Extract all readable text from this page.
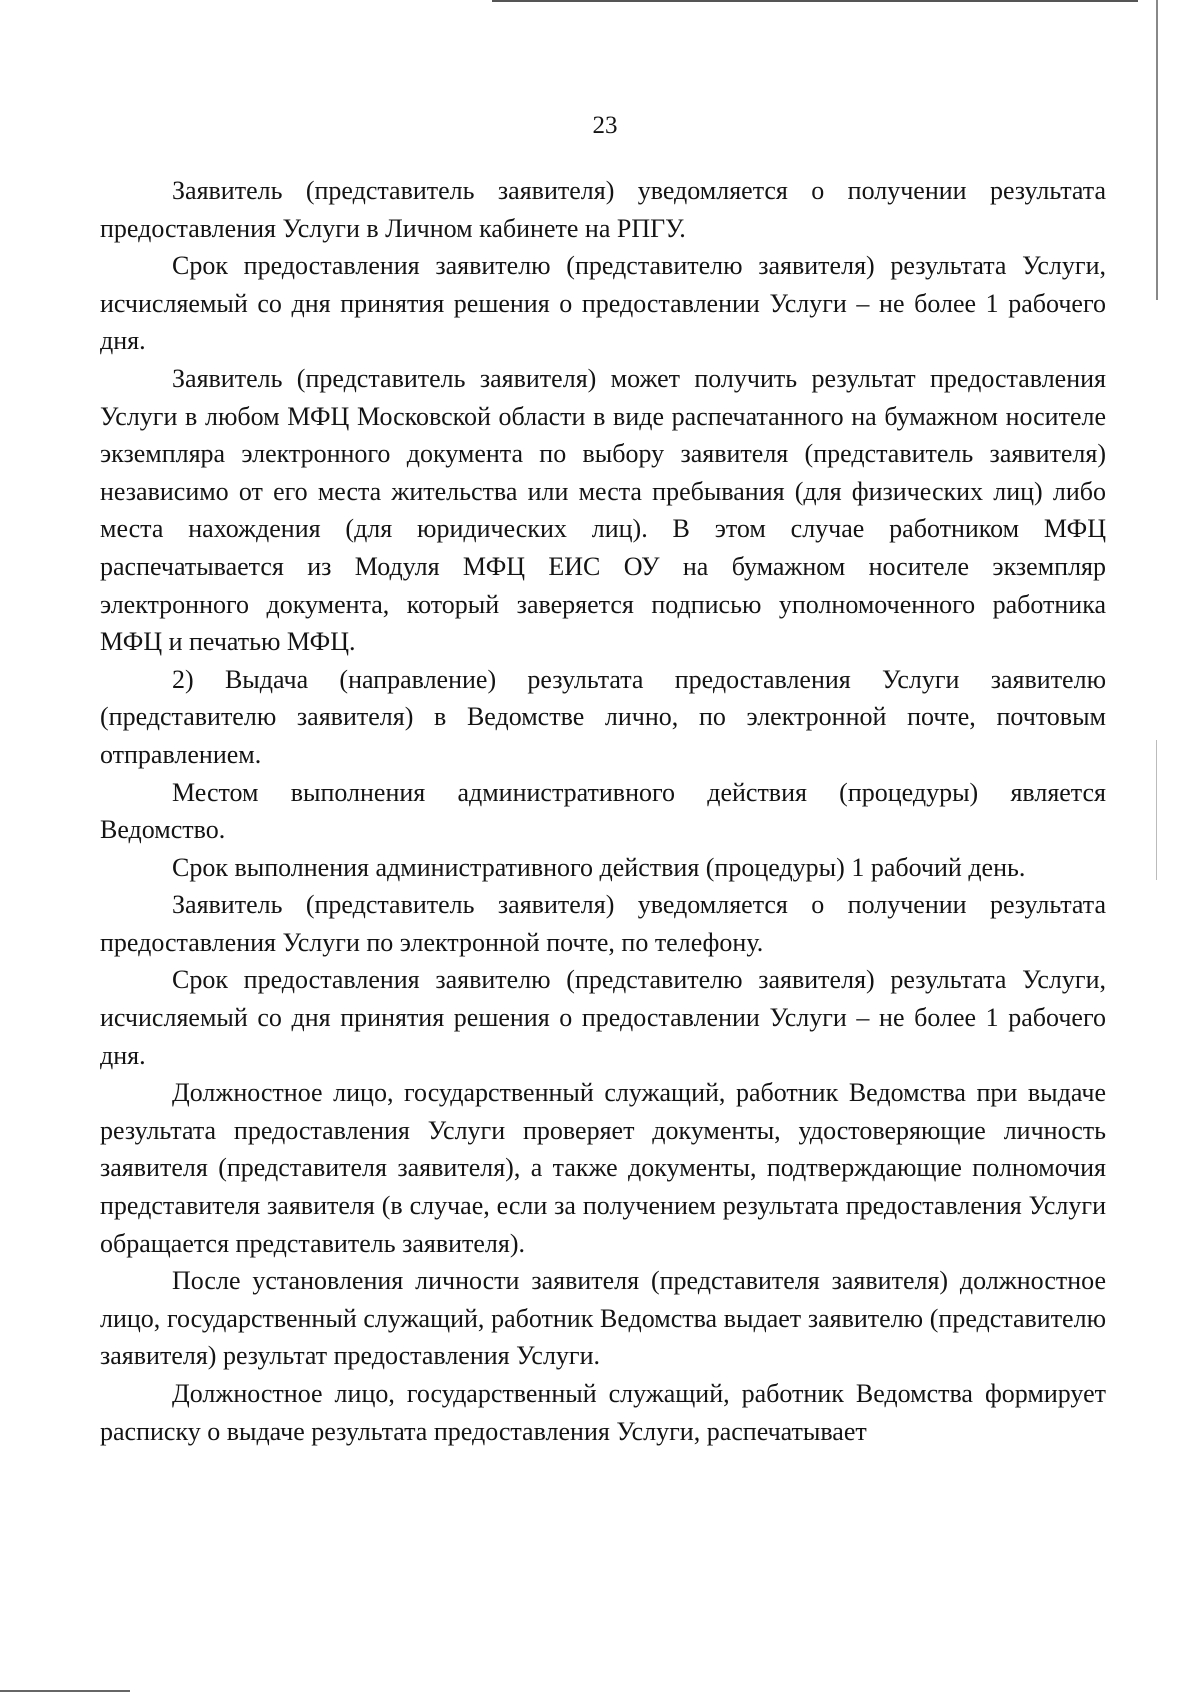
23

Заявитель (представитель заявителя) уведомляется о получении результата предоставления Услуги в Личном кабинете на РПГУ.

Срок предоставления заявителю (представителю заявителя) результата Услуги, исчисляемый со дня принятия решения о предоставлении Услуги – не более 1 рабочего дня.

Заявитель (представитель заявителя) может получить результат предоставления Услуги в любом МФЦ Московской области в виде распечатанного на бумажном носителе экземпляра электронного документа по выбору заявителя (представитель заявителя) независимо от его места жительства или места пребывания (для физических лиц) либо места нахождения (для юридических лиц). В этом случае работником МФЦ распечатывается из Модуля МФЦ ЕИС ОУ на бумажном носителе экземпляр электронного документа, который заверяется подписью уполномоченного работника МФЦ и печатью МФЦ.

2) Выдача (направление) результата предоставления Услуги заявителю (представителю заявителя) в Ведомстве лично, по электронной почте, почтовым отправлением.

Местом выполнения административного действия (процедуры) является Ведомство.

Срок выполнения административного действия (процедуры) 1 рабочий день.

Заявитель (представитель заявителя) уведомляется о получении результата предоставления Услуги по электронной почте, по телефону.

Срок предоставления заявителю (представителю заявителя) результата Услуги, исчисляемый со дня принятия решения о предоставлении Услуги – не более 1 рабочего дня.

Должностное лицо, государственный служащий, работник Ведомства при выдаче результата предоставления Услуги проверяет документы, удостоверяющие личность заявителя (представителя заявителя), а также документы, подтверждающие полномочия представителя заявителя (в случае, если за получением результата предоставления Услуги обращается представитель заявителя).

После установления личности заявителя (представителя заявителя) должностное лицо, государственный служащий, работник Ведомства выдает заявителю (представителю заявителя) результат предоставления Услуги.

Должностное лицо, государственный служащий, работник Ведомства формирует расписку о выдаче результата предоставления Услуги, распечатывает
